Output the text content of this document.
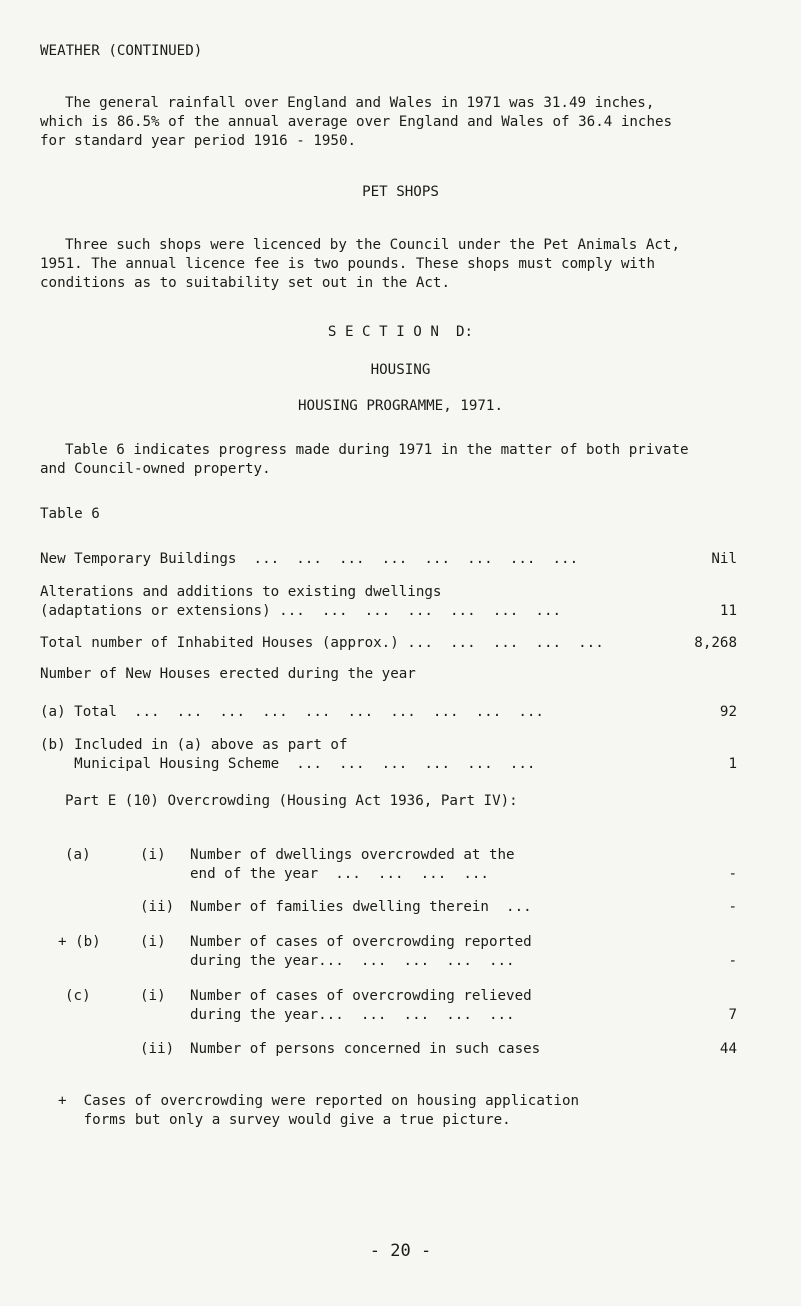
WEATHER (CONTINUED)
The general rainfall over England and Wales in 1971 was 31.49 inches,
which is 86.5% of the annual average over England and Wales of 36.4 inches
for standard year period 1916 - 1950.
PET SHOPS
Three such shops were licenced by the Council under the Pet Animals Act,
1951. The annual licence fee is two pounds. These shops must comply with
conditions as to suitability set out in the Act.
S E C T I O N  D:
HOUSING
HOUSING PROGRAMME, 1971.
Table 6 indicates progress made during 1971 in the matter of both private
and Council-owned property.
Table 6
New Temporary Buildings  ...  ...  ...  ...  ...  ...  ...  ...	Nil
Alterations and additions to existing dwellings
(adaptations or extensions) ...  ...  ...  ...  ...  ...  ...	11
Total number of Inhabited Houses (approx.) ...  ...  ...  ...  ...	8,268
Number of New Houses erected during the year
(a) Total  ...  ...  ...  ...  ...  ...  ...  ...  ...  ...	92
(b) Included in (a) above as part of
Municipal Housing Scheme  ...  ...  ...  ...  ...  ...	1
Part E (10) Overcrowding (Housing Act 1936, Part IV):
(a)	(i) Number of dwellings overcrowded at the
end of the year  ...  ...  ...  ...	-
(ii) Number of families dwelling therein  ...	-
+ (b)	(i) Number of cases of overcrowding reported
during the year...  ...  ...  ...  ...	-
(c)	(i) Number of cases of overcrowding relieved
during the year...  ...  ...  ...  ...	7
(ii) Number of persons concerned in such cases	44
+  Cases of overcrowding were reported on housing application
forms but only a survey would give a true picture.
- 20 -
